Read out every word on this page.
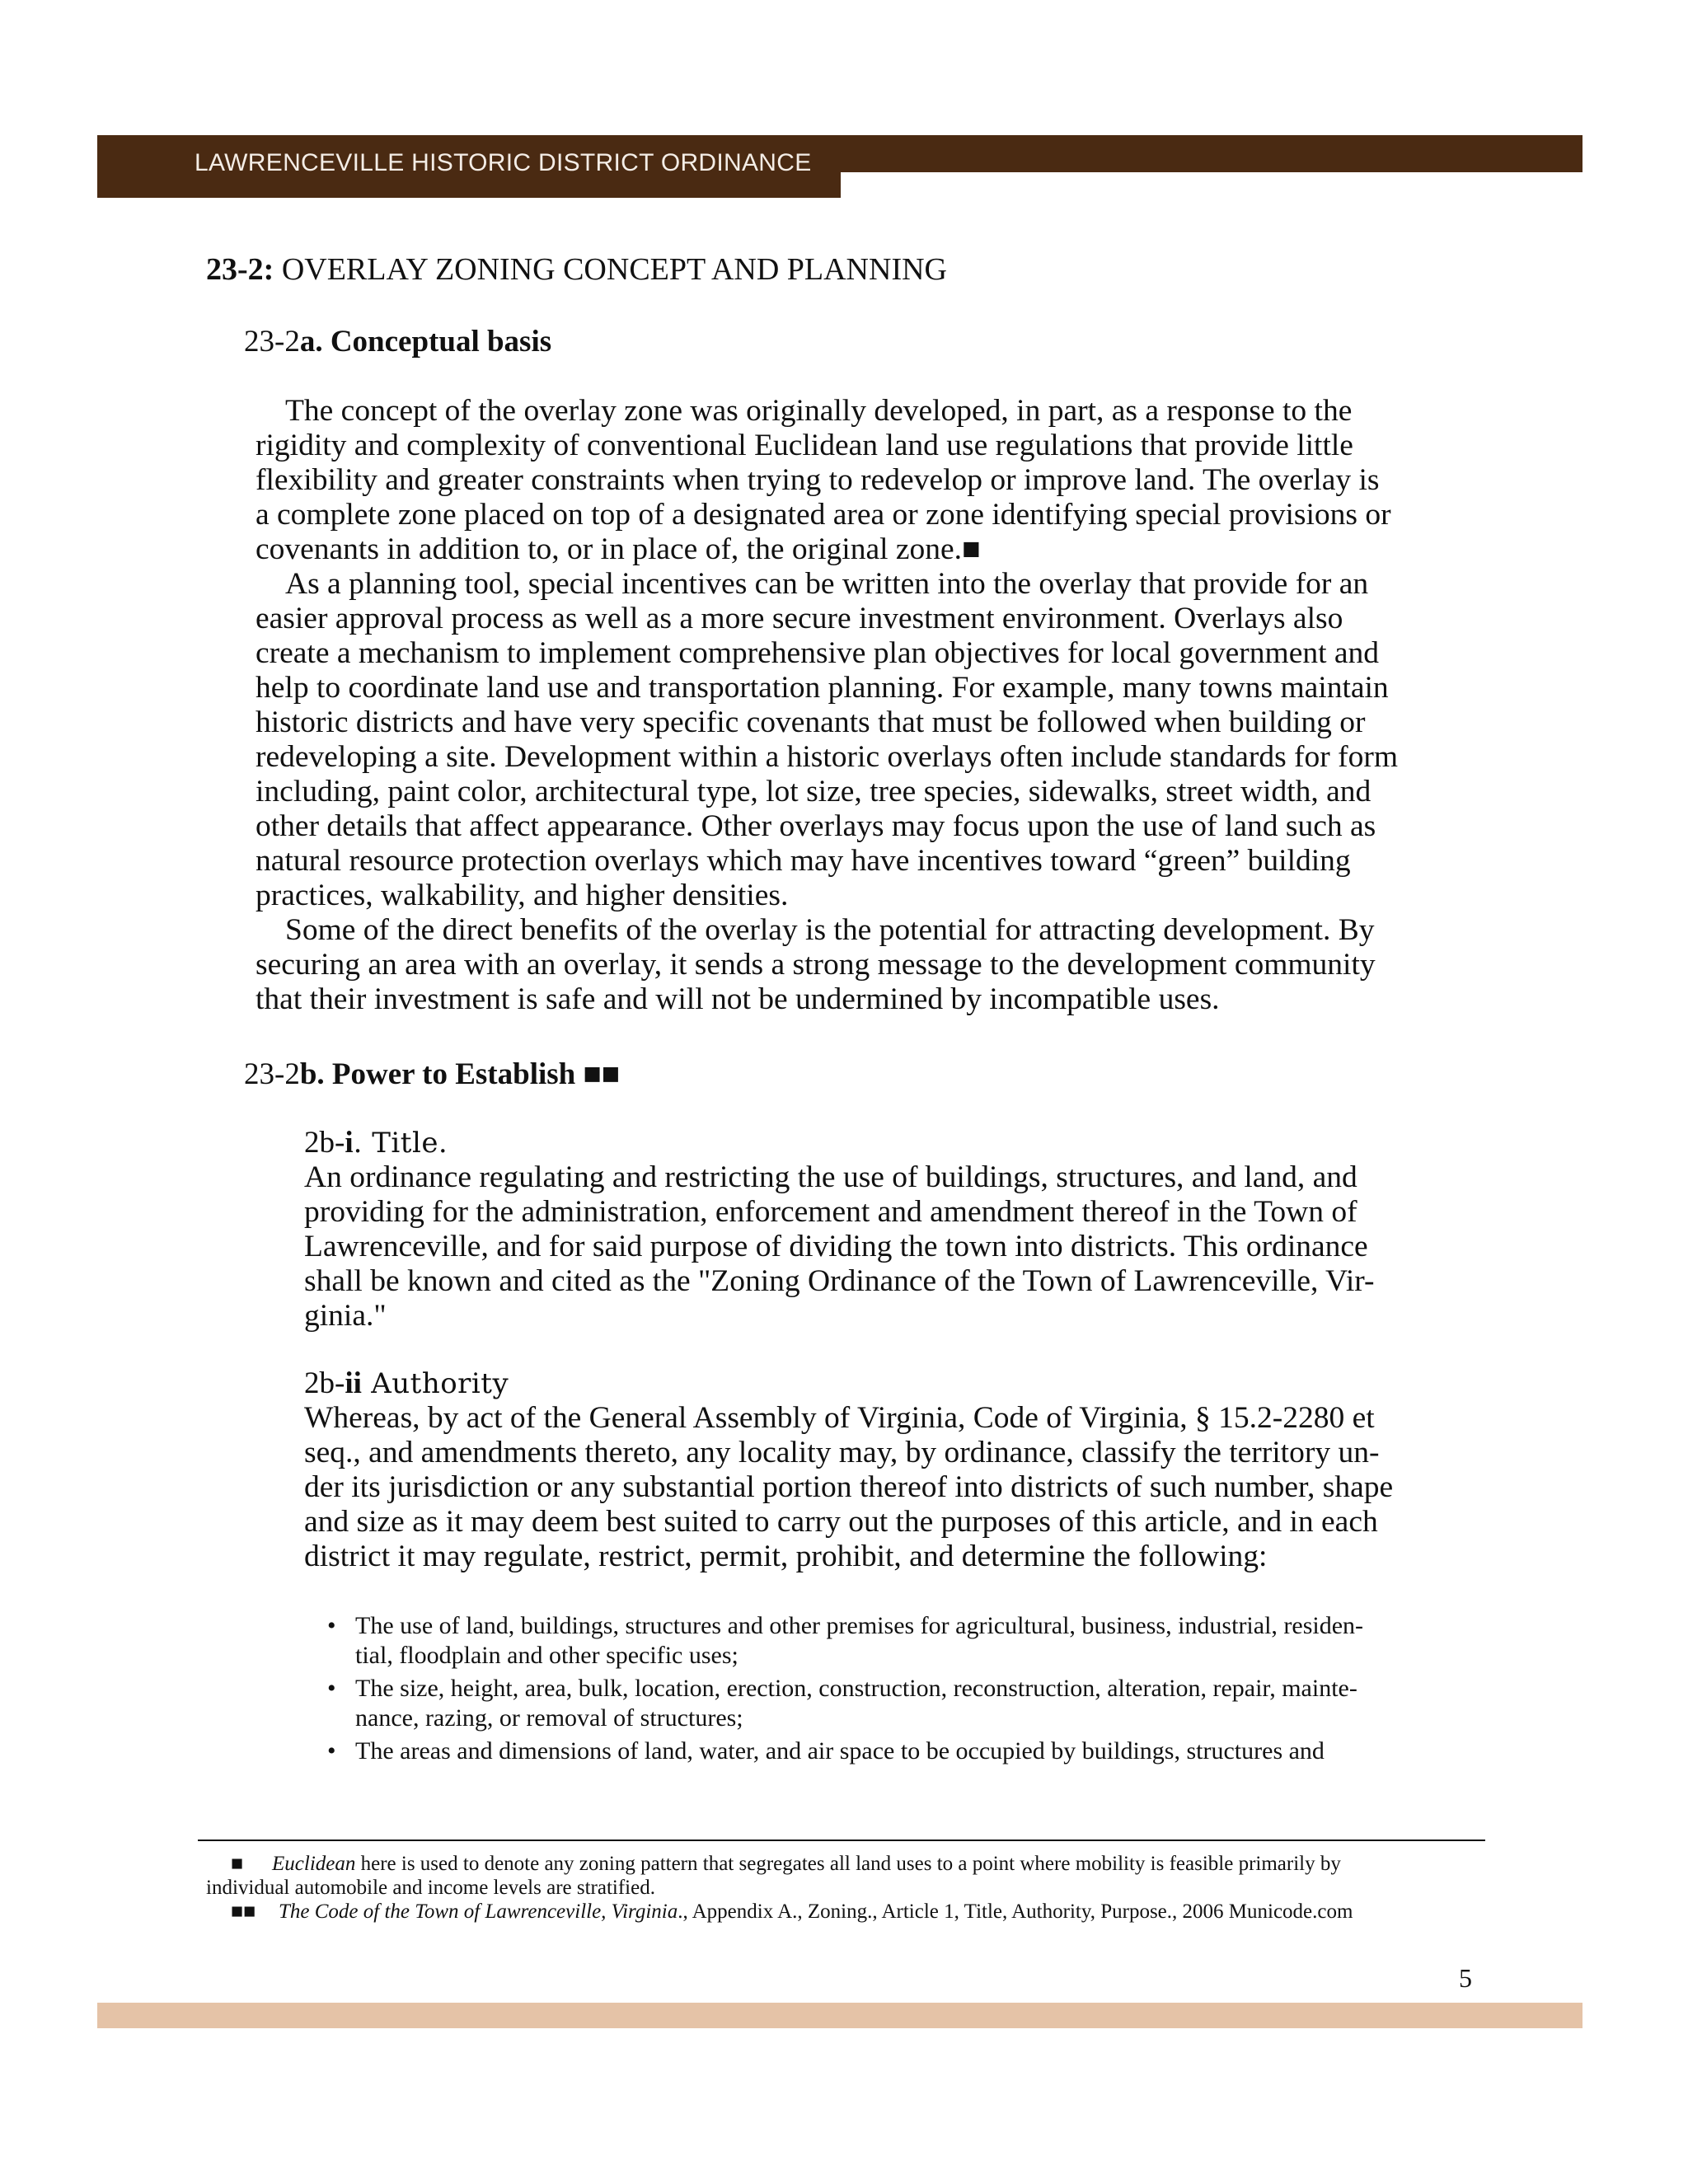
LAWRENCEVILLE HISTORIC DISTRICT ORDINANCE
23-2: OVERLAY ZONING CONCEPT AND PLANNING
23-2a. Conceptual basis

The concept of the overlay zone was originally developed, in part, as a response to the

rigidity and complexity of conventional Euclidean land use regulations that provide little

flexibility and greater constraints when trying to redevelop or improve land. The overlay is

a complete zone placed on top of a designated area or zone identifying special provisions or

covenants in addition to, or in place of, the original zone.■

As a planning tool, special incentives can be written into the overlay that provide for an

easier approval process as well as a more secure investment environment. Overlays also

create a mechanism to implement comprehensive plan objectives for local government and

help to coordinate land use and transportation planning. For example, many towns maintain

historic districts and have very specific covenants that must be followed when building or

redeveloping a site. Development within a historic overlays often include standards for form

including, paint color, architectural type, lot size, tree species, sidewalks, street width, and

other details that affect appearance. Other overlays may focus upon the use of land such as

natural resource protection overlays which may have incentives toward “green” building

practices, walkability, and higher densities.

Some of the direct benefits of the overlay is the potential for attracting development. By

securing an area with an overlay, it sends a strong message to the development community

that their investment is safe and will not be undermined by incompatible uses.

23-2b. Power to Establish ■■

2b-i. Title.

An ordinance regulating and restricting the use of buildings, structures, and land, and

providing for the administration, enforcement and amendment thereof in the Town of

Lawrenceville, and for said purpose of dividing the town into districts. This ordinance

shall be known and cited as the "Zoning Ordinance of the Town of Lawrenceville, Vir-

ginia."

2b-ii Authority

Whereas, by act of the General Assembly of Virginia, Code of Virginia, § 15.2-2280 et

seq., and amendments thereto, any locality may, by ordinance, classify the territory un-

der its jurisdiction or any substantial portion thereof into districts of such number, shape

and size as it may deem best suited to carry out the purposes of this article, and in each

district it may regulate, restrict, permit, prohibit, and determine the following:

• The use of land, buildings, structures and other premises for agricultural, business, industrial, residen-
tial, floodplain and other specific uses;
• The size, height, area, bulk, location, erection, construction, reconstruction, alteration, repair, mainte-
nance, razing, or removal of structures;
• The areas and dimensions of land, water, and air space to be occupied by buildings, structures and

■ Euclidean here is used to denote any zoning pattern that segregates all land uses to a point where mobility is feasible primarily by

individual automobile and income levels are stratified.

■■ The Code of the Town of Lawrenceville, Virginia., Appendix A., Zoning., Article 1, Title, Authority, Purpose., 2006 Municode.com

5
